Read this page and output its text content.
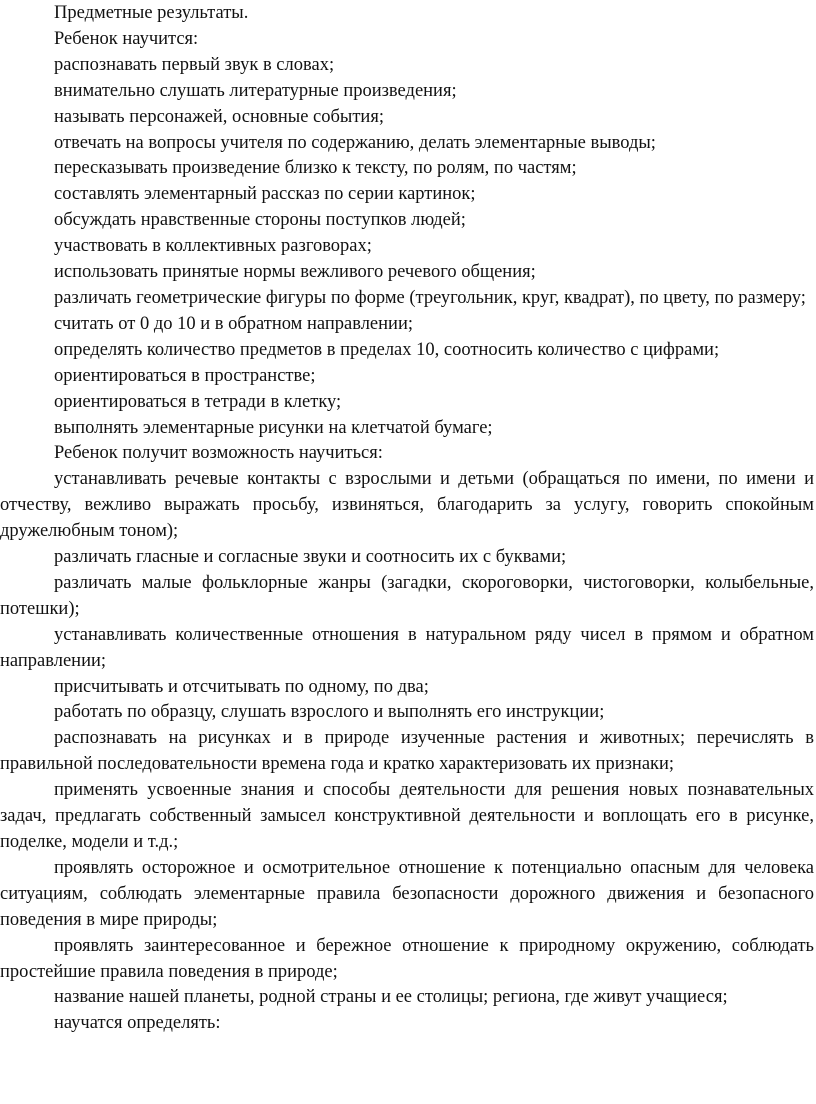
Предметные результаты.

Ребенок научится:

распознавать первый звук в словах;

внимательно слушать литературные произведения;

называть персонажей, основные события;

отвечать на вопросы учителя по содержанию, делать элементарные выводы;

пересказывать произведение близко к тексту, по ролям, по частям;

составлять элементарный рассказ по серии картинок;

обсуждать нравственные стороны поступков людей;

участвовать в коллективных разговорах;

использовать принятые нормы вежливого речевого общения;

различать геометрические фигуры по форме (треугольник, круг, квадрат), по цвету, по размеру;

считать от 0 до 10 и в обратном направлении;

определять количество предметов в пределах 10, соотносить количество с цифрами;

ориентироваться в пространстве;

ориентироваться в тетради в клетку;

выполнять элементарные рисунки на клетчатой бумаге;

Ребенок получит возможность научиться:

устанавливать речевые контакты с взрослыми и детьми (обращаться по имени, по имени и отчеству, вежливо выражать просьбу, извиняться, благодарить за услугу, говорить спокойным дружелюбным тоном);

различать гласные и согласные звуки и соотносить их с буквами;

различать малые фольклорные жанры (загадки, скороговорки, чистоговорки, колыбельные, потешки);

устанавливать количественные отношения в натуральном ряду чисел в прямом и обратном направлении;

присчитывать и отсчитывать по одному, по два;

работать по образцу, слушать взрослого и выполнять его инструкции;

распознавать на рисунках и в природе изученные растения и животных; перечислять в правильной последовательности времена года и кратко характеризовать их признаки;

применять усвоенные знания и способы деятельности для решения новых познавательных задач, предлагать собственный замысел конструктивной деятельности и воплощать его в рисунке, поделке, модели и т.д.;

проявлять осторожное и осмотрительное отношение к потенциально опасным для человека ситуациям, соблюдать элементарные правила безопасности дорожного движения и безопасного поведения в мире природы;

проявлять заинтересованное и бережное отношение к природному окружению, соблюдать простейшие правила поведения в природе;

название нашей планеты, родной страны и ее столицы; региона, где живут учащиеся;

научатся определять:
